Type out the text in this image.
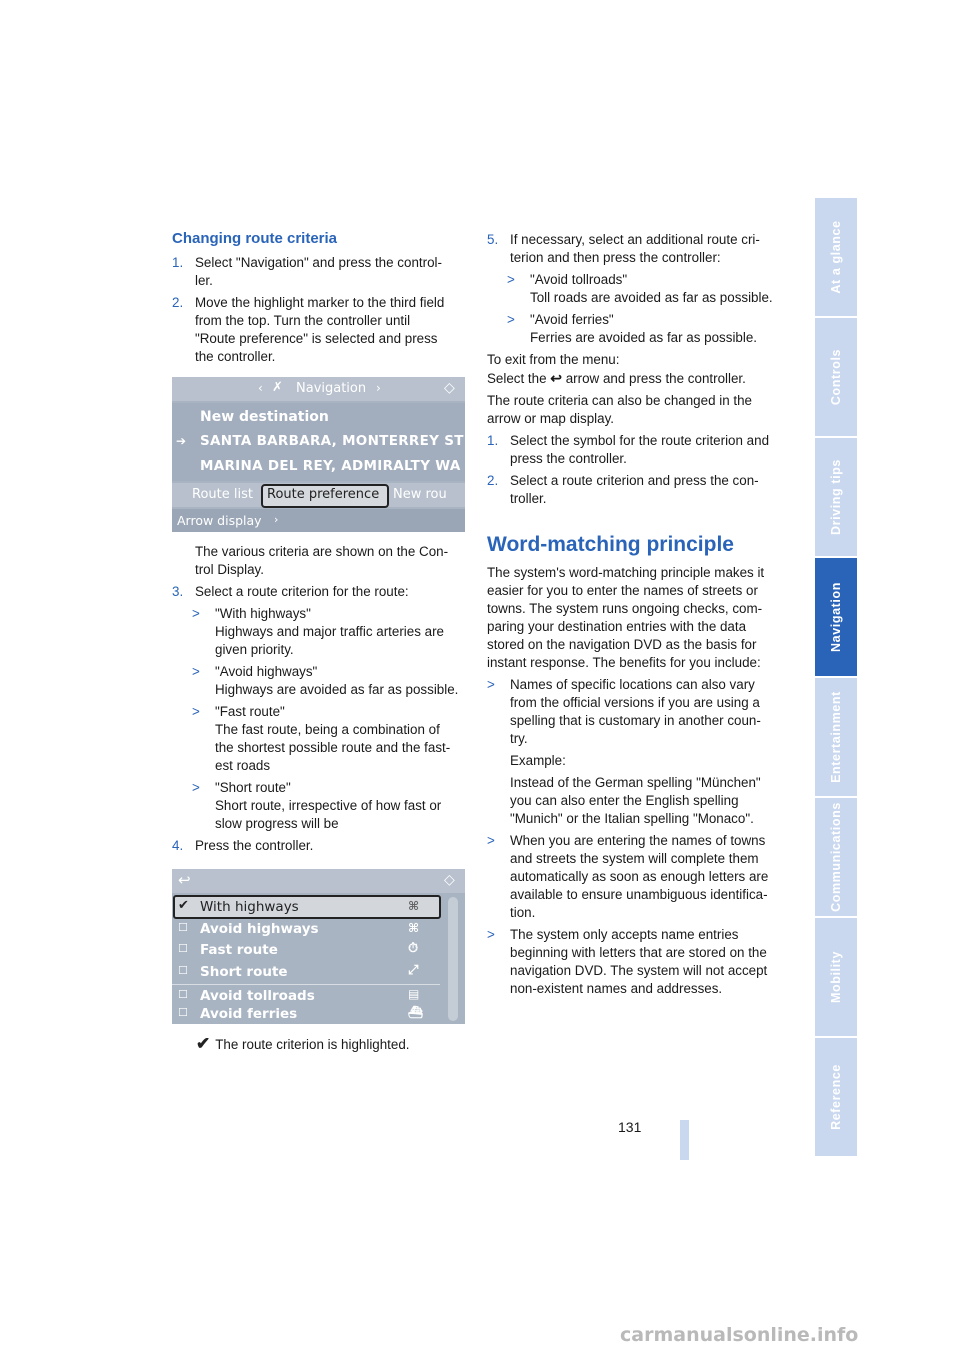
Changing route criteria
1. Select "Navigation" and press the control-
ler.
2. Move the highlight marker to the third field
from the top. Turn the controller until
"Route preference" is selected and press
the controller.
‹ ✗ Navigation ›	◇
New destination
➔ SANTA BARBARA, MONTERREY ST
MARINA DEL REY, ADMIRALTY WA
Route list Route preference New rou
Arrow display ›
The various criteria are shown on the Con-
trol Display.
3. Select a route criterion for the route:
> "With highways"
Highways and major traffic arteries are
given priority.
> "Avoid highways"
Highways are avoided as far as possible.
> "Fast route"
The fast route, being a combination of
the shortest possible route and the fast-
est roads
> "Short route"
Short route, irrespective of how fast or
slow progress will be
4. Press the controller.
↩	◇
✔ With highways	⌘
☐ Avoid highways	⌘
☐ Fast route	⏱
☐ Short route	⤢
☐ Avoid tollroads	▤
☐ Avoid ferries	⛴
✔ The route criterion is highlighted.
5. If necessary, select an additional route cri-
terion and then press the controller:
> "Avoid tollroads"
Toll roads are avoided as far as possible.
> "Avoid ferries"
Ferries are avoided as far as possible.
To exit from the menu:
Select the ↩ arrow and press the controller.
The route criteria can also be changed in the
arrow or map display.
1. Select the symbol for the route criterion and
press the controller.
2. Select a route criterion and press the con-
troller.
Word-matching principle
The system's word-matching principle makes it
easier for you to enter the names of streets or
towns. The system runs ongoing checks, com-
paring your destination entries with the data
stored on the navigation DVD as the basis for
instant response. The benefits for you include:
> Names of specific locations can also vary
from the official versions if you are using a
spelling that is customary in another coun-
try.
Example:
Instead of the German spelling "München"
you can also enter the English spelling
"Munich" or the Italian spelling "Monaco".
> When you are entering the names of towns
and streets the system will complete them
automatically as soon as enough letters are
available to ensure unambiguous identifica-
tion.
> The system only accepts name entries
beginning with letters that are stored on the
navigation DVD. The system will not accept
non-existent names and addresses.
131
At a glance
Controls
Driving tips
Navigation
Entertainment
Communications
Mobility
Reference
carmanualsonline.info
